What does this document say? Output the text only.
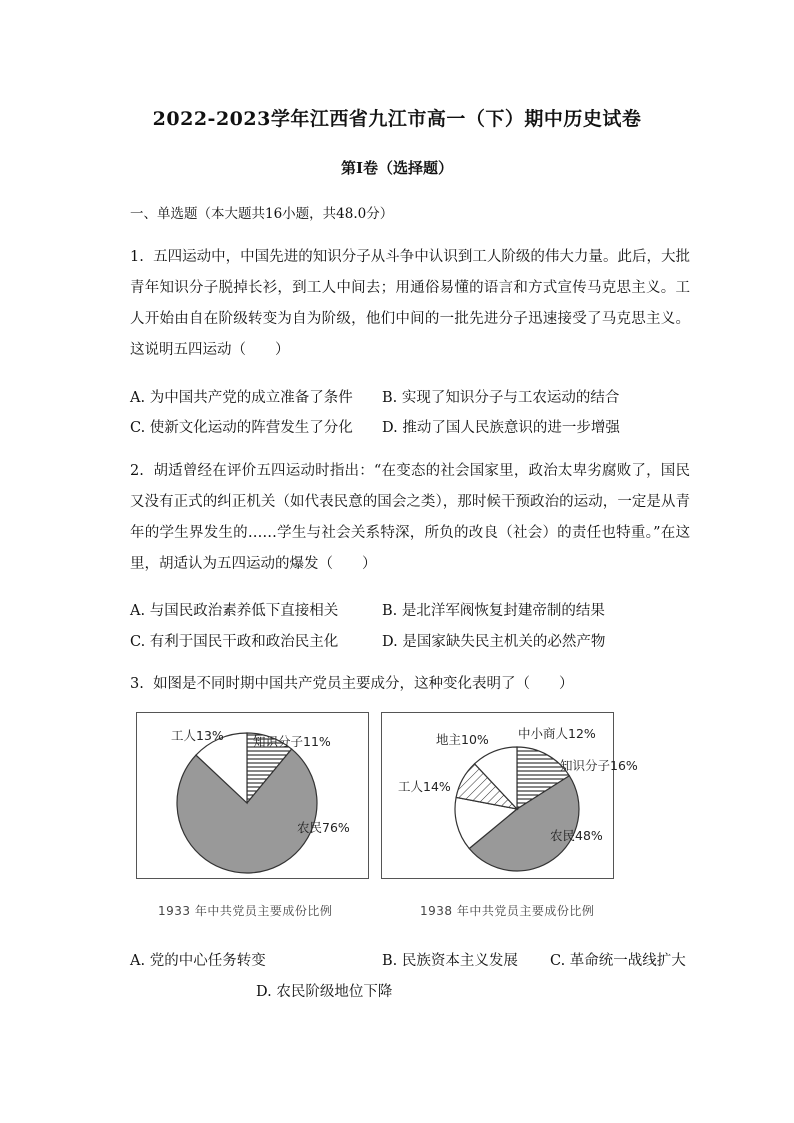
2022-2023学年江西省九江市高一（下）期中历史试卷
第I卷（选择题）
一、单选题（本大题共16小题，共48.0分）
1. 五四运动中，中国先进的知识分子从斗争中认识到工人阶级的伟大力量。此后，大批青年知识分子脱掉长衫，到工人中间去；用通俗易懂的语言和方式宣传马克思主义。工人开始由自在阶级转变为自为阶级，他们中间的一批先进分子迅速接受了马克思主义。这说明五四运动（　　）
A. 为中国共产党的成立准备了条件 B. 实现了知识分子与工农运动的结合
C. 使新文化运动的阵营发生了分化 D. 推动了国人民族意识的进一步增强
2. 胡适曾经在评价五四运动时指出：“在变态的社会国家里，政治太卑劣腐败了，国民又没有正式的纠正机关（如代表民意的国会之类），那时候干预政治的运动，一定是从青年的学生界发生的……学生与社会关系特深，所负的改良（社会）的责任也特重。”在这里，胡适认为五四运动的爆发（　　）
A. 与国民政治素养低下直接相关	B. 是北洋军阀恢复封建帝制的结果
C. 有利于国民干政和政治民主化	D. 是国家缺失民主机关的必然产物
3. 如图是不同时期中国共产党员主要成分，这种变化表明了（　　）
知识分子11%
农民76%
工人13%
知识分子16%
农民48%
工人14%
地主10% 中小商人12%
1933 年中共党员主要成份比例	1938 年中共党员主要成份比例
A. 党的中心任务转变	B. 民族资本主义发展 C. 革命统一战线扩大
D. 农民阶级地位下降
